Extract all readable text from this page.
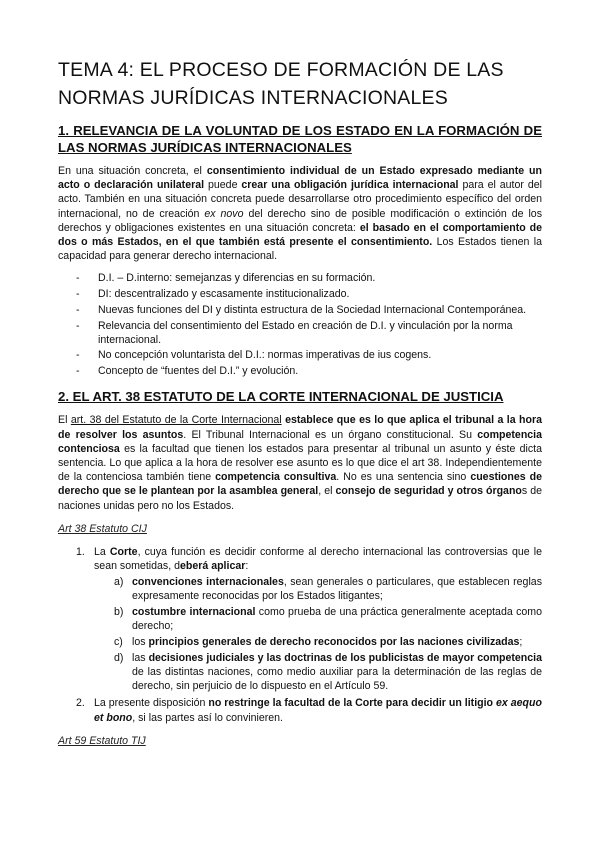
TEMA 4: EL PROCESO DE FORMACIÓN DE LAS
NORMAS JURÍDICAS INTERNACIONALES
1. RELEVANCIA DE LA VOLUNTAD DE LOS ESTADO EN LA FORMACIÓN DE LAS NORMAS JURÍDICAS INTERNACIONALES

En una situación concreta, el consentimiento individual de un Estado expresado mediante un acto o declaración unilateral puede crear una obligación jurídica internacional para el autor del acto. También en una situación concreta puede desarrollarse otro procedimiento específico del orden internacional, no de creación ex novo del derecho sino de posible modificación o extinción de los derechos y obligaciones existentes en una situación concreta: el basado en el comportamiento de dos o más Estados, en el que también está presente el consentimiento. Los Estados tienen la capacidad para generar derecho internacional.

- D.I. – D.interno: semejanzas y diferencias en su formación.
- DI: descentralizado y escasamente institucionalizado.
- Nuevas funciones del DI y distinta estructura de la Sociedad Internacional Contemporánea.
- Relevancia del consentimiento del Estado en creación de D.I. y vinculación por la norma internacional.
- No concepción voluntarista del D.I.: normas imperativas de ius cogens.
- Concepto de “fuentes del D.I.” y evolución.
2. EL ART. 38 ESTATUTO DE LA CORTE INTERNACIONAL DE JUSTICIA

El art. 38 del Estatuto de la Corte Internacional establece que es lo que aplica el tribunal a la hora de resolver los asuntos. El Tribunal Internacional es un órgano constitucional. Su competencia contenciosa es la facultad que tienen los estados para presentar al tribunal un asunto y éste dicta sentencia. Lo que aplica a la hora de resolver ese asunto es lo que dice el art 38. Independientemente de la contenciosa también tiene competencia consultiva. No es una sentencia sino cuestiones de derecho que se le plantean por la asamblea general, el consejo de seguridad y otros órganos de naciones unidas pero no los Estados.

Art 38 Estatuto CIJ
1. La Corte, cuya función es decidir conforme al derecho internacional las controversias que le sean sometidas, deberá aplicar:
a) convenciones internacionales, sean generales o particulares, que establecen reglas expresamente reconocidas por los Estados litigantes;
b) costumbre internacional como prueba de una práctica generalmente aceptada como derecho;
c) los principios generales de derecho reconocidos por las naciones civilizadas;
d) las decisiones judiciales y las doctrinas de los publicistas de mayor competencia de las distintas naciones, como medio auxiliar para la determinación de las reglas de derecho, sin perjuicio de lo dispuesto en el Artículo 59.
2. La presente disposición no restringe la facultad de la Corte para decidir un litigio ex aequo et bono, si las partes así lo convinieren.
Art 59 Estatuto TIJ
